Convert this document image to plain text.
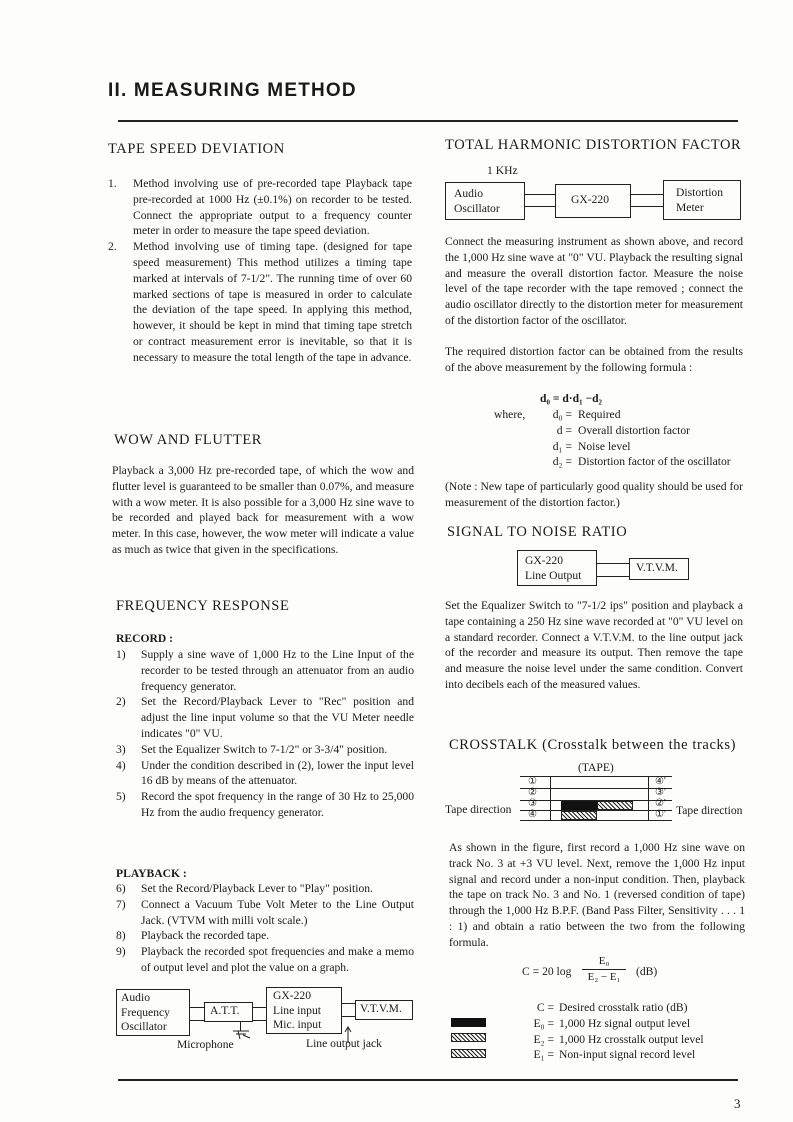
II. MEASURING METHOD
TAPE SPEED DEVIATION
1. Method involving use of pre-recorded tape Playback tape pre-recorded at 1000 Hz (±0.1%) on recorder to be tested. Connect the appropriate output to a frequency counter meter in order to measure the tape speed deviation.
2. Method involving use of timing tape. (designed for tape speed measurement) This method utilizes a timing tape marked at intervals of 7-1/2". The running time of over 60 marked sections of tape is measured in order to calculate the deviation of the tape speed. In applying this method, however, it should be kept in mind that timing tape stretch or contract measurement error is inevitable, so that it is necessary to measure the total length of the tape in advance.
WOW AND FLUTTER
Playback a 3,000 Hz pre-recorded tape, of which the wow and flutter level is guaranteed to be smaller than 0.07%, and measure with a wow meter. It is also possible for a 3,000 Hz sine wave to be recorded and played back for measurement with a wow meter. In this case, however, the wow meter will indicate a value as much as twice that given in the specifications.
FREQUENCY RESPONSE
RECORD :
1) Supply a sine wave of 1,000 Hz to the Line Input of the recorder to be tested through an attenuator from an audio frequency generator.
2) Set the Record/Playback Lever to "Rec" position and adjust the line input volume so that the VU Meter needle indicates "0" VU.
3) Set the Equalizer Switch to 7-1/2" or 3-3/4" position.
4) Under the condition described in (2), lower the input level 16 dB by means of the attenuator.
5) Record the spot frequency in the range of 30 Hz to 25,000 Hz from the audio frequency generator.
PLAYBACK :
6) Set the Record/Playback Lever to "Play" position.
7) Connect a Vacuum Tube Volt Meter to the Line Output Jack. (VTVM with milli volt scale.)
8) Playback the recorded tape.
9) Playback the recorded spot frequencies and make a memo of output level and plot the value on a graph.
Audio
Frequency
Oscillator
A.T.T.
GX-220
Line input
Mic. input
V.T.V.M.
Microphone	Line output jack
TOTAL HARMONIC DISTORTION FACTOR
1 KHz
Audio
Oscillator
GX-220
Distortion
Meter
Connect the measuring instrument as shown above, and record the 1,000 Hz sine wave at "0" VU. Playback the resulting signal and measure the overall distortion factor. Measure the noise level of the tape recorder with the tape removed ; connect the audio oscillator directly to the distortion meter for measurement of the distortion factor of the oscillator.
The required distortion factor can be obtained from the results of the above measurement by the following formula :
d₀ = d·d₁ −d₂
where,	d₀ = Required
d = Overall distortion factor
d₁ = Noise level
d₂ = Distortion factor of the oscillator
(Note : New tape of particularly good quality should be used for measurement of the distortion factor.)
SIGNAL TO NOISE RATIO
GX-220
Line Output
V.T.V.M.
Set the Equalizer Switch to "7-1/2 ips" position and playback a tape containing a 250 Hz sine wave recorded at "0" VU level on a standard recorder. Connect a V.T.V.M. to the line output jack of the recorder and measure its output. Then remove the tape and measure the noise level under the same condition. Convert into decibels each of the measured values.
CROSSTALK (Crosstalk between the tracks)
(TAPE)
①
②
③
④
④'
③'
②'
①'
Tape direction	Tape direction
As shown in the figure, first record a 1,000 Hz sine wave on track No. 3 at +3 VU level. Next, remove the 1,000 Hz input signal and record under a non-input condition. Then, playback the tape on track No. 3 and No. 1 (reversed condition of tape) through the 1,000 Hz B.P.F. (Band Pass Filter, Sensitivity . . . 1 : 1) and obtain a ratio between the two from the following formula.
C = 20 log
E₀
E₂ − E₁	(dB)
C = Desired crosstalk ratio (dB)
E₀ = 1,000 Hz signal output level
E₂ = 1,000 Hz crosstalk output level
E₁ = Non-input signal record level
3
